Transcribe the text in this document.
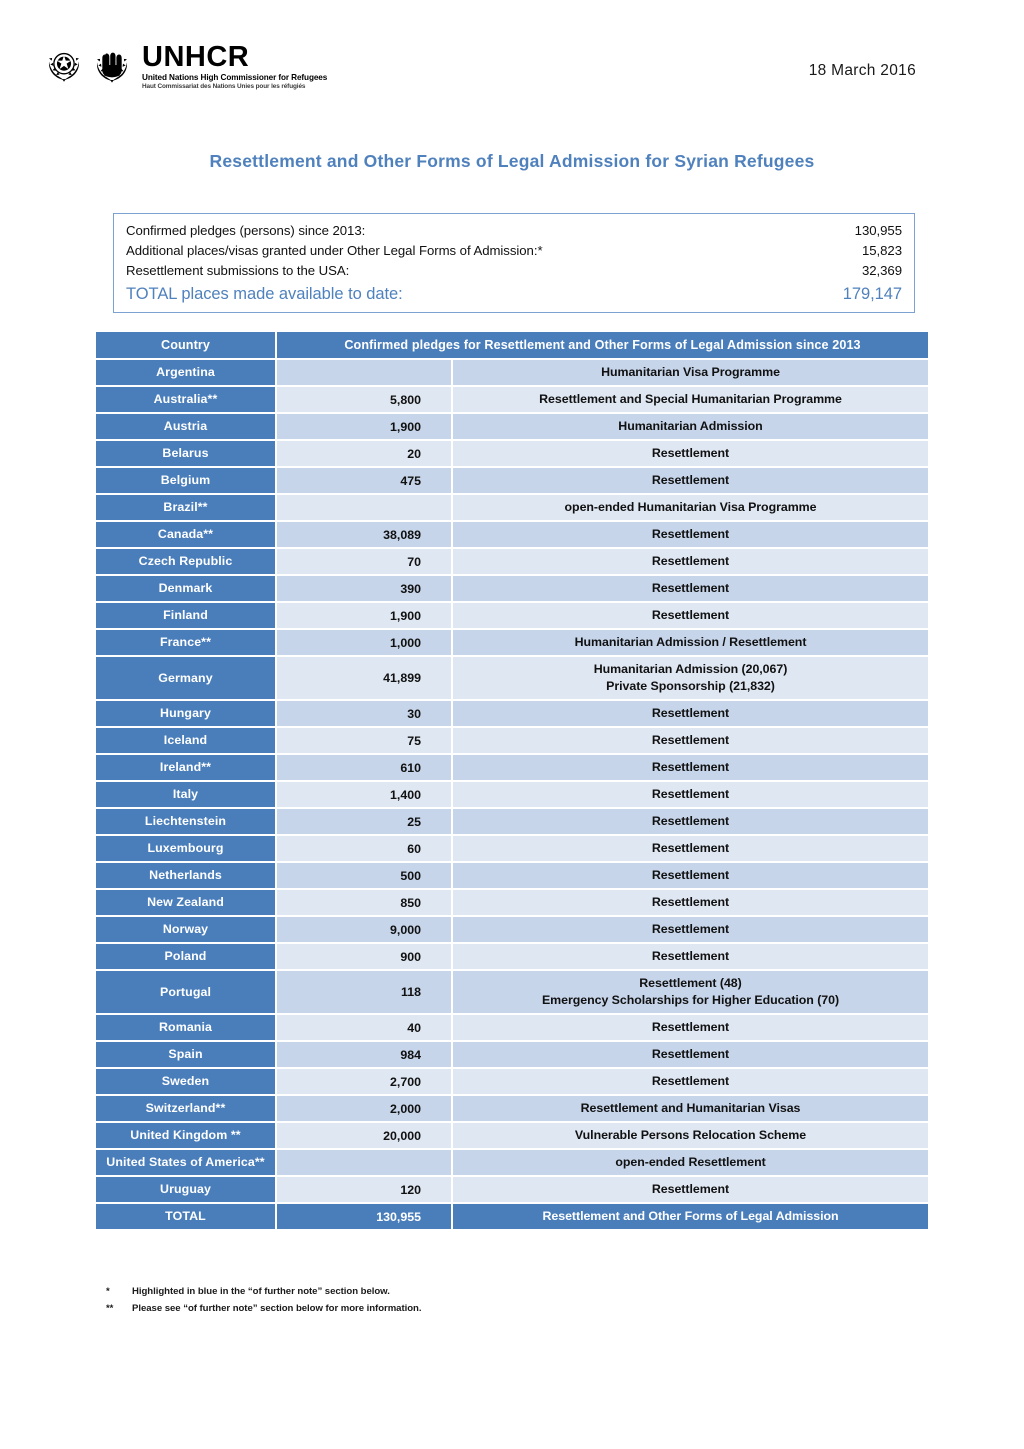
UNHCR
United Nations High Commissioner for Refugees
Haut Commissariat des Nations Unies pour les réfugiés
18 March 2016
Resettlement and Other Forms of Legal Admission for Syrian Refugees
Confirmed pledges (persons) since 2013:	130,955
Additional places/visas granted under Other Legal Forms of Admission:*	15,823
Resettlement submissions to the USA:	32,369
TOTAL places made available to date:	179,147
Country	Confirmed pledges for Resettlement and Other Forms of Legal Admission since 2013	
Argentina		Humanitarian Visa Programme
Australia**	5,800	Resettlement and Special Humanitarian Programme
Austria	1,900	Humanitarian Admission
Belarus	20	Resettlement
Belgium	475	Resettlement
Brazil**		open-ended Humanitarian Visa Programme
Canada**	38,089	Resettlement
Czech Republic	70	Resettlement
Denmark	390	Resettlement
Finland	1,900	Resettlement
France**	1,000	Humanitarian Admission / Resettlement
Germany	41,899	Humanitarian Admission (20,067)
Private Sponsorship (21,832)
Hungary	30	Resettlement
Iceland	75	Resettlement
Ireland**	610	Resettlement
Italy	1,400	Resettlement
Liechtenstein	25	Resettlement
Luxembourg	60	Resettlement
Netherlands	500	Resettlement
New Zealand	850	Resettlement
Norway	9,000	Resettlement
Poland	900	Resettlement
Portugal	118	Resettlement (48)
Emergency Scholarships for Higher Education (70)
Romania	40	Resettlement
Spain	984	Resettlement
Sweden	2,700	Resettlement
Switzerland**	2,000	Resettlement and Humanitarian Visas
United Kingdom **	20,000	Vulnerable Persons Relocation Scheme
United States of America**		open-ended Resettlement
Uruguay	120	Resettlement
TOTAL	130,955	Resettlement and Other Forms of Legal Admission
*	Highlighted in blue in the “of further note” section below.
**	Please see “of further note” section below for more information.
